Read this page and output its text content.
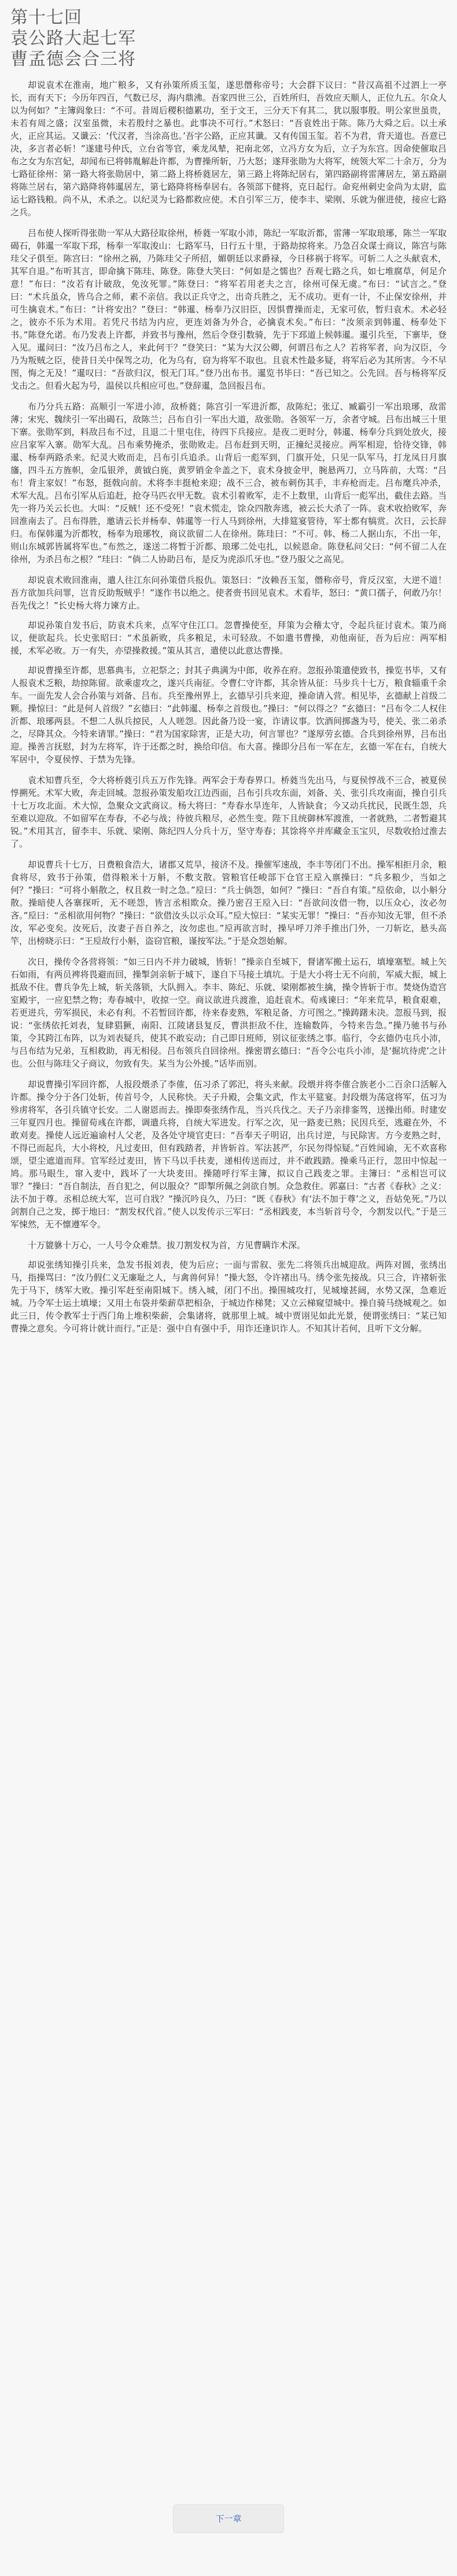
第十七回
袁公路大起七军
曹孟德会合三将

却说袁术在淮南，地广粮多，又有孙策所质玉玺，遂思僭称帝号；大会群下议曰：“昔汉高祖不过泗上一亭长，而有天下；今历年四百，气数已尽，海内鼎沸。吾家四世三公，百姓所归，吾效应天顺人，正位九五。尔众人以为何如？”主簿阎象曰：“不可。昔周后稷积德累功，至于文王，三分天下有其二，犹以服事殷。明公家世虽贵，未若有周之盛；汉室虽微，未若殷纣之暴也。此事决不可行。”术怒曰：“吾袁姓出于陈。陈乃大舜之后。以土承火，正应其运。又谶云：‘代汉者，当涂高也。’吾字公路，正应其谶。又有传国玉玺。若不为君，背天道也。吾意已决，多言者必斩！”遂建号仲氏，立台省等官，乘龙凤辇，祀南北郊，立冯方女为后，立子为东宫。因命使催取吕布之女为东宫妃，却闻布已将韩胤解赴许都，为曹操所斩，乃大怒；遂拜张勋为大将军，统领大军二十余万，分为七路征徐州：第一路大将张勋居中，第二路上将桥蕤居左，第三路上将陈纪居右，第四路副将雷薄居左，第五路副将陈兰居右，第六路降将韩暹居左，第七路降将杨奉居右。各领部下健将，克日起行。命兖州刺史金尚为太尉，监运七路钱粮。尚不从，术杀之。以纪灵为七路都救应使。术自引军三万，使李丰、梁刚、乐就为催进使，接应七路之兵。

吕布使人探听得张勋一军从大路径取徐州，桥蕤一军取小沛，陈纪一军取沂都，雷薄一军取琅琊，陈兰一军取碣石，韩暹一军取下邳，杨奉一军取浚山：七路军马，日行五十里，于路劫掠将来。乃急召众谋士商议，陈宫与陈珪父子俱至。陈宫曰：“徐州之祸，乃陈珪父子所招，媚朝廷以求爵禄，今日移祸于将军。可斩二人之头献袁术，其军自退。”布听其言，即命擒下陈珪、陈登。陈登大笑曰：“何如是之懦也？吾观七路之兵，如七堆腐草，何足介意！”布曰：“汝若有计破敌，免汝死罪。”陈登曰：“将军若用老夫之言，徐州可保无虞。”布曰：“试言之。”登曰：“术兵虽众，皆乌合之师，素不亲信。我以正兵守之，出奇兵胜之，无不成功。更有一计，不止保安徐州，并可生擒袁术。”布曰：“计将安出？”登曰：“韩暹、杨奉乃汉旧臣，因惧曹操而走，无家可依，暂归袁术。术必轻之，彼亦不乐为术用。若凭尺书结为内应，更连刘备为外合，必擒袁术矣。”布曰：“汝须亲到韩暹、杨奉处下书。”陈登允诺。布乃发表上许都，并致书与豫州，然后令登引数骑，先于下邳道上候韩暹。暹引兵至，下寨毕，登入见。暹问曰：“汝乃吕布之人，来此何干？”登笑曰：“某为大汉公卿，何谓吕布之人？若将军者，向为汉臣，今乃为叛贼之臣，使昔日关中保驾之功，化为乌有，窃为将军不取也。且袁术性最多疑，将军后必为其所害。今不早图，悔之无及！”暹叹曰：“吾欲归汉，恨无门耳。”登乃出布书。暹览书毕曰：“吾已知之。公先回。吾与杨将军反戈击之。但看火起为号，温侯以兵相应可也。”登辞暹，急回报吕布。

布乃分兵五路：高顺引一军进小沛，敌桥蕤；陈宫引一军进沂都，敌陈纪；张辽、臧霸引一军出琅琊，敌雷薄；宋宪、魏续引一军出碣石，敌陈兰；吕布自引一军出大道，敌张勋。各领军一万，余者守城。吕布出城三十里下寨。张勋军到，料敌吕布不过，且退二十里屯住，待四下兵接应。是夜二更时分，韩暹、杨奉分兵到处放火，接应吕家军入寨。勋军大乱。吕布乘势掩杀，张勋败走。吕布赶到天明，正撞纪灵接应。两军相迎，恰待交锋，韩暹、杨奉两路杀来。纪灵大败而走，吕布引兵追杀。山背后一彪军到，门旗开处，只见一队军马，打龙凤日月旗旛，四斗五方旌帜，金瓜银斧，黄钺白旄，黄罗销金伞盖之下，袁术身披金甲，腕悬两刀，立马阵前，大骂：“吕布！背主家奴！”布怒，挺戟向前。术将李丰挺枪来迎；战不三合，被布刺伤其手，丰弃枪而走。吕布麾兵冲杀，术军大乱。吕布引军从后追赶，抢夺马匹衣甲无数。袁术引着败军，走不上数里，山背后一彪军出，截住去路。当先一将乃关云长也。大叫：“反贼！还不受死！”袁术慌走，馀众四散奔逃，被云长大杀了一阵。袁术收拾败军，奔回淮南去了。吕布得胜，邀请云长并杨奉、韩暹等一行人马到徐州，大排筵宴管待，军士都有犒赏。次日，云长辞归。布保韩暹为沂都牧，杨奉为琅琊牧，商议欲留二人在徐州。陈珪曰：“不可。韩、杨二人据山东，不出一年，则山东城郭皆属将军也。”布然之，遂送二将暂于沂都、琅琊二处屯扎，以候恩命。陈登私问父曰：“何不留二人在徐州，为杀吕布之根？”珪曰：“倘二人协助吕布，是反为虎添爪牙也。”登乃服父之高见。

却说袁术败回淮南，遣人往江东问孙策借兵报仇。策怒曰：“汝赖吾玉玺，僭称帝号，背反汉室，大逆不道！吾方欲加兵问罪，岂肯反助叛贼乎！”遂作书以绝之。使者赍书回见袁术。术看毕，怒曰：“黄口孺子，何敢乃尔！吾先伐之！”长史杨大将力谏方止。

却说孙策自发书后，防袁术兵来，点军守住江口。忽曹操使至，拜策为会稽太守，令起兵征讨袁术。策乃商议，便欲起兵。长史张昭曰：“术虽新败，兵多粮足，未可轻敌。不如遣书曹操，劝他南征，吾为后应：两军相援，术军必败。万一有失，亦望操救援。”策从其言，遣使以此意达曹操。

却说曹操至许都，思慕典韦，立祀祭之；封其子典满为中郎，收养在府。忽报孙策遣使致书，操览书毕，又有人报袁术乏粮，劫掠陈留。欲乘虚攻之，遂兴兵南征。令曹仁守许都，其余皆从征：马步兵十七万，粮食辎重千余车。一面先发人会合孙策与刘备、吕布。兵至豫州界上，玄德早引兵来迎，操命请入营。相见毕，玄德献上首级二颗。操惊曰：“此是何人首级？”玄德曰：“此韩暹、杨奉之首级也。”操曰：“何以得之？”玄德曰：“吕布令二人权住沂都、琅琊两县。不想二人纵兵掠民，人人嗟怨。因此备乃设一宴，诈请议事。饮酒间掷盏为号，使关、张二弟杀之，尽降其众。今特来请罪。”操曰：“君为国家除害，正是大功，何言罪也？”遂厚劳玄德。合兵到徐州界，吕布出迎。操善言抚慰，封为左将军，许于还都之时，换给印信。布大喜。操即分吕布一军在左，玄德一军在右，自统大军居中，令夏侯惇、于禁为先锋。

袁术知曹兵至，令大将桥蕤引兵五万作先锋。两军会于寿春界口。桥蕤当先出马，与夏侯惇战不三合，被夏侯惇搠死。术军大败，奔走回城。忽报孙策发船攻江边西面，吕布引兵攻东面，刘备、关、张引兵攻南面，操自引兵十七万攻北面。术大惊，急聚众文武商议。杨大将曰：“寿春水旱连年，人皆缺食；今又动兵扰民，民既生怨，兵至难以迎敌。不如留军在寿春，不必与战；待彼兵粮尽，必然生变。陛下且统御林军渡淮，一者就熟，二者暂避其锐。”术用其言，留李丰、乐就、梁刚、陈纪四人分兵十万，坚守寿春；其馀将卒并库藏金玉宝贝，尽数收拾过淮去了。

却说曹兵十七万，日费粮食浩大，诸郡又荒旱，接济不及。操催军速战，李丰等闭门不出。操军相拒月余，粮食将尽，致书于孙策，借得粮米十万斛，不敷支散。管粮官任峻部下仓官王垕入禀操曰：“兵多粮少，当如之何？”操曰：“可将小斛散之，权且救一时之急。”垕曰：“兵士倘怨，如何？”操曰：“吾自有策。”垕依命，以小斛分散。操暗使人各寨探听，无不嗟怨，皆言丞相欺众。操乃密召王垕入曰：“吾欲问汝借一物，以压众心，汝必勿吝。”垕曰：“丞相欲用何物？”操曰：“欲借汝头以示众耳。”垕大惊曰：“某实无罪！”操曰：“吾亦知汝无罪，但不杀汝，军必变矣。汝死后，汝妻子吾自养之，汝勿虑也。”垕再欲言时，操早呼刀斧手推出门外，一刀斩讫，悬头高竿，出榜晓示曰：“王垕故行小斛，盗窃官粮，谨按军法。”于是众怨始解。

次日，操传令各营将领：“如三日内不并力破城，皆斩！”操亲自至城下，督诸军搬土运石，填壕塞堑。城上矢石如雨，有两员裨将畏避而回，操掣剑亲斩于城下，遂自下马接土填坑。于是大小将士无不向前，军威大振，城上抵敌不住。曹兵争先上城，斩关落锁，大队拥入。李丰、陈纪、乐就、梁刚都被生擒，操令皆斩于市。焚烧伪造宫室殿宇，一应犯禁之物；寿春城中，收掠一空。商议欲进兵渡淮，追赶袁术。荀彧谏曰：“年来荒旱，粮食艰难，若更进兵，劳军损民，未必有利。不若暂回许都，待来春麦熟，军粮足备，方可图之。”操踌躇未决。忽报马到，报说：“张绣依托刘表，复肆猖獗，南阳、江陵诸县复反，曹洪拒敌不住，连输数阵，今特来告急。”操乃驰书与孙策，令其跨江布阵，以为刘表疑兵，使其不敢妄动；自己即日班师，别议征张绣之事。临行，令玄德仍屯兵小沛，与吕布结为兄弟，互相救助，再无相侵。吕布领兵自回徐州。操密谓玄德曰：“吾令公屯兵小沛，是‘掘坑待虎’之计也。公但与陈珪父子商议，勿致有失。某当为公外援。”话毕而别。

却说曹操引军回许都，人报段煨杀了李傕，伍习杀了郭汜，将头来献。段煨并将李傕合族老小二百余口活解入许都。操令分于各门处斩，传首号令，人民称快。天子升殿，会集文武，作太平筵宴。封段煨为荡寇将军，伍习为殄虏将军，各引兵镇守长安。二人谢恩而去。操即奏张绣作乱，当兴兵伐之。天子乃亲排銮驾，送操出师。时建安三年夏四月也。操留荀彧在许都，调遣兵将，自统大军进发。行军之次，见一路麦已熟；民因兵至，逃避在外，不敢刈麦。操使人远近遍谕村人父老，及各处守境官吏曰：“吾奉天子明诏，出兵讨逆，与民除害。方今麦熟之时，不得已而起兵，大小将校，凡过麦田，但有践踏者，并皆斩首。军法甚严，尔民勿得惊疑。”百姓闻谕，无不欢喜称颂，望尘遮道而拜。官军经过麦田，皆下马以手扶麦，递相传送而过，并不敢践踏。操乘马正行，忽田中惊起一鸠。那马眼生，窜入麦中，践坏了一大块麦田。操随呼行军主簿，拟议自己践麦之罪。主簿曰：“丞相岂可议罪？”操曰：“吾自制法，吾自犯之，何以服众？”即掣所佩之剑欲自刎。众急救住。郭嘉曰：“古者《春秋》之义：法不加于尊。丞相总统大军，岂可自戕？”操沉吟良久，乃曰：“既《春秋》有‘法不加于尊’之义，吾姑免死。”乃以剑割自己之发，掷于地曰：“割发权代首。”使人以发传示三军曰：“丞相践麦，本当斩首号令，今割发以代。”于是三军悚然，无不懔遵军令。

十万貔貅十万心，一人号令众难禁。拔刀割发权为首，方见曹瞒诈术深。

却说张绣知操引兵来，急发书报刘表，使为后应；一面与雷叙、张先二将领兵出城迎敌。两阵对圆，张绣出马，指操骂曰：“汝乃假仁义无廉耻之人，与禽兽何异！”操大怒，令许褚出马。绣令张先接战。只三合，许褚斩张先于马下，绣军大败。操引军赶至南阳城下。绣入城，闭门不出。操围城攻打，见城壕甚阔，水势又深，急难近城。乃令军士运土填壕；又用土布袋并柴薪草把相杂，于城边作梯凳；又立云梯窥望城中。操自骑马绕城观之。如此三日，传令教军士于西门角上堆积柴薪，会集诸将，就那里上城。城中贾诩见如此光景，便谓张绣曰：“某已知曹操之意矣。今可将计就计而行。”正是：强中自有强中手，用诈还逢识诈人。不知其计若何，且听下文分解。

下一章
